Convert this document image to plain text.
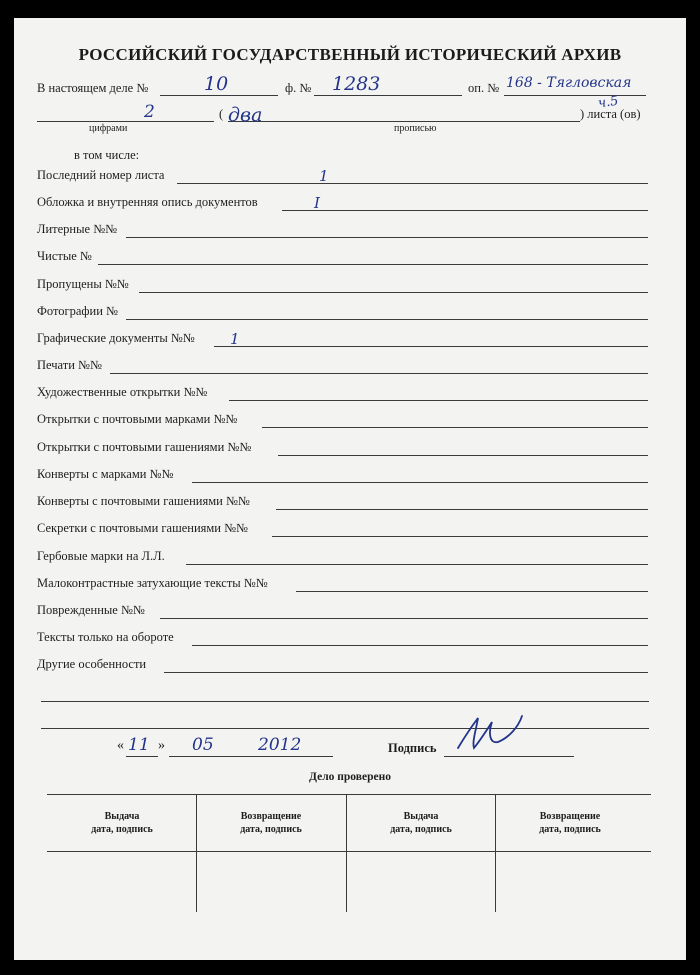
РОССИЙСКИЙ ГОСУДАРСТВЕННЫЙ ИСТОРИЧЕСКИЙ АРХИВ
В настоящем деле №	10	ф. № 1283	оп. № 168 - Тягловская
2	( два	) листа (ов)
ч.5
цифрами	прописью
в том числе:
Последний номер листа	1
Обложка и внутренняя опись документов	I
Литерные №№
Чистые №
Пропущены №№
Фотографии №
Графические документы №№ 1
Печати №№
Художественные открытки №№
Открытки с почтовыми марками №№
Открытки с почтовыми гашениями №№
Конверты с марками №№
Конверты с почтовыми гашениями №№
Секретки с почтовыми гашениями №№
Гербовые марки на Л.Л.
Малоконтрастные затухающие тексты №№
Поврежденные №№
Тексты только на обороте
Другие особенности
« 11 » 05	2012	Подпись
Дело проверено
Выдача
дата, подпись
Возвращение
дата, подпись
Выдача
дата, подпись
Возвращение
дата, подпись
